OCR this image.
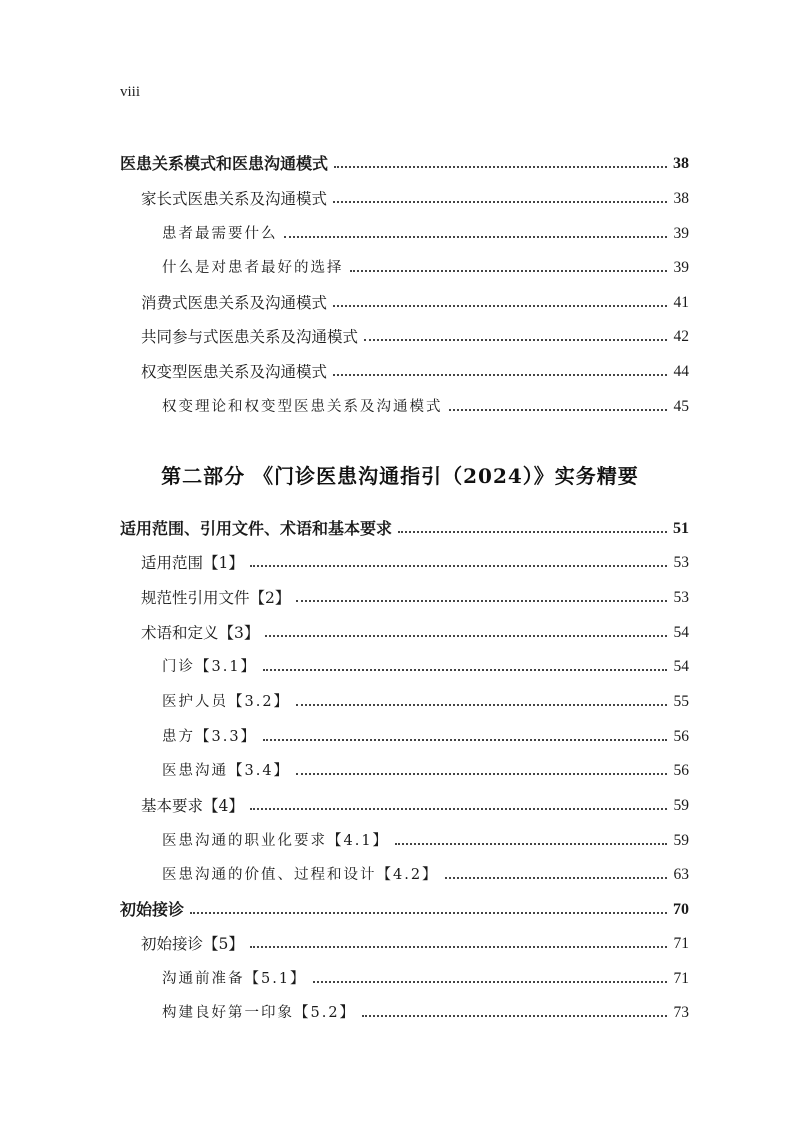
viii
医患关系模式和医患沟通模式	38
家长式医患关系及沟通模式	38
患者最需要什么	39
什么是对患者最好的选择	39
消费式医患关系及沟通模式	41
共同参与式医患关系及沟通模式	42
权变型医患关系及沟通模式	44
权变理论和权变型医患关系及沟通模式	45
第二部分 《门诊医患沟通指引（2024）》实务精要
适用范围、引用文件、术语和基本要求	51
适用范围【1】	53
规范性引用文件【2】	53
术语和定义【3】	54
门诊【3.1】	54
医护人员【3.2】	55
患方【3.3】	56
医患沟通【3.4】	56
基本要求【4】	59
医患沟通的职业化要求【4.1】	59
医患沟通的价值、过程和设计【4.2】	63
初始接诊	70
初始接诊【5】	71
沟通前准备【5.1】	71
构建良好第一印象【5.2】	73
